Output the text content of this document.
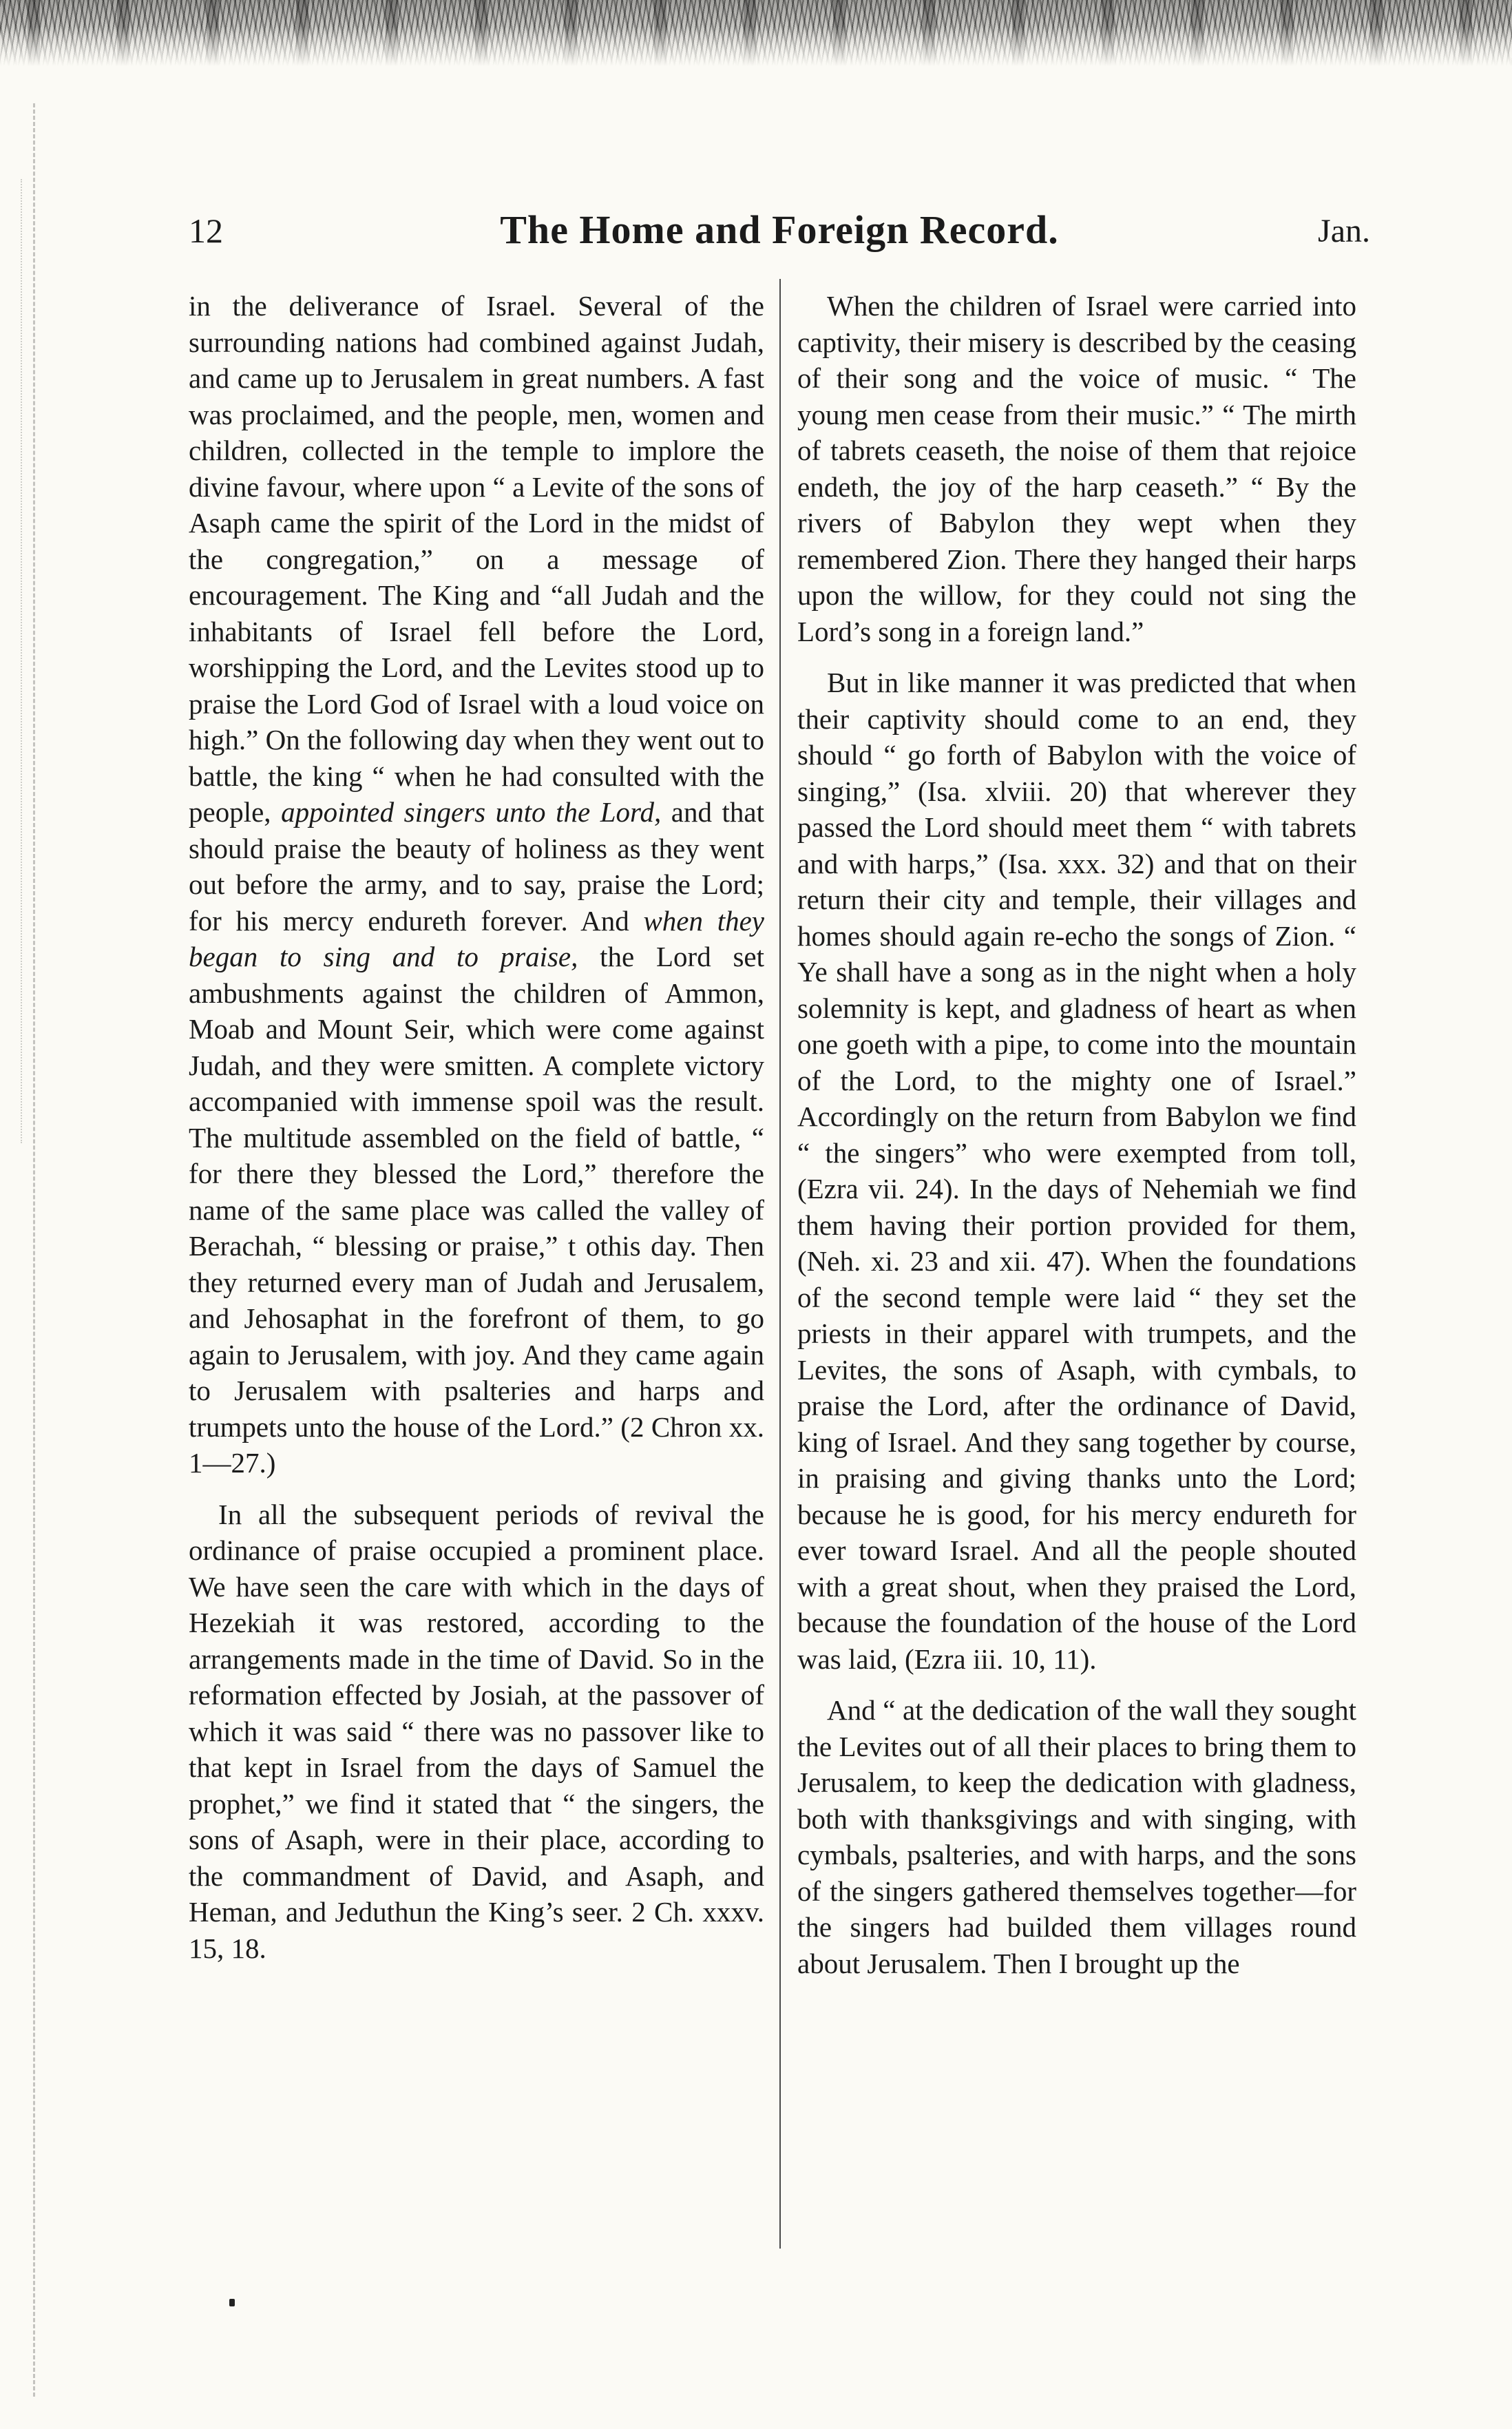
12	The Home and Foreign Record.	Jan.

in the deliverance of Israel. Several of the surrounding nations had combined against Judah, and came up to Jerusalem in great numbers. A fast was proclaimed, and the people, men, women and children, collected in the temple to implore the divine favour, where upon “ a Levite of the sons of Asaph came the spirit of the Lord in the midst of the congregation,” on a message of encouragement. The King and “all Judah and the inhabitants of Israel fell before the Lord, worshipping the Lord, and the Levites stood up to praise the Lord God of Israel with a loud voice on high.” On the following day when they went out to battle, the king “ when he had consulted with the people, appointed singers unto the Lord, and that should praise the beauty of holiness as they went out before the army, and to say, praise the Lord; for his mercy endureth forever. And when they began to sing and to praise, the Lord set ambushments against the children of Ammon, Moab and Mount Seir, which were come against Judah, and they were smitten. A complete victory accompanied with immense spoil was the result. The multitude assembled on the field of battle, “ for there they blessed the Lord,” therefore the name of the same place was called the valley of Berachah, “ blessing or praise,” t othis day. Then they returned every man of Judah and Jerusalem, and Jehosaphat in the forefront of them, to go again to Jerusalem, with joy. And they came again to Jerusalem with psalteries and harps and trumpets unto the house of the Lord.” (2 Chron xx. 1—27.)

In all the subsequent periods of revival the ordinance of praise occupied a prominent place. We have seen the care with which in the days of Hezekiah it was restored, according to the arrangements made in the time of David. So in the reformation effected by Josiah, at the passover of which it was said “ there was no passover like to that kept in Israel from the days of Samuel the prophet,” we find it stated that “ the singers, the sons of Asaph, were in their place, according to the commandment of David, and Asaph, and Heman, and Jeduthun the King’s seer. 2 Ch. xxxv. 15, 18.

When the children of Israel were carried into captivity, their misery is described by the ceasing of their song and the voice of music. “ The young men cease from their music.” “ The mirth of tabrets ceaseth, the noise of them that rejoice endeth, the joy of the harp ceaseth.” “ By the rivers of Babylon they wept when they remembered Zion. There they hanged their harps upon the willow, for they could not sing the Lord’s song in a foreign land.”

But in like manner it was predicted that when their captivity should come to an end, they should “ go forth of Babylon with the voice of singing,” (Isa. xlviii. 20) that wherever they passed the Lord should meet them “ with tabrets and with harps,” (Isa. xxx. 32) and that on their return their city and temple, their villages and homes should again re-echo the songs of Zion. “ Ye shall have a song as in the night when a holy solemnity is kept, and gladness of heart as when one goeth with a pipe, to come into the mountain of the Lord, to the mighty one of Israel.” Accordingly on the return from Babylon we find “ the singers” who were exempted from toll, (Ezra vii. 24). In the days of Nehemiah we find them having their portion provided for them, (Neh. xi. 23 and xii. 47). When the foundations of the second temple were laid “ they set the priests in their apparel with trumpets, and the Levites, the sons of Asaph, with cymbals, to praise the Lord, after the ordinance of David, king of Israel. And they sang together by course, in praising and giving thanks unto the Lord; because he is good, for his mercy endureth for ever toward Israel. And all the people shouted with a great shout, when they praised the Lord, because the foundation of the house of the Lord was laid, (Ezra iii. 10, 11).

And “ at the dedication of the wall they sought the Levites out of all their places to bring them to Jerusalem, to keep the dedication with gladness, both with thanksgivings and with singing, with cymbals, psalteries, and with harps, and the sons of the singers gathered themselves together—for the singers had builded them villages round about Jerusalem. Then I brought up the
